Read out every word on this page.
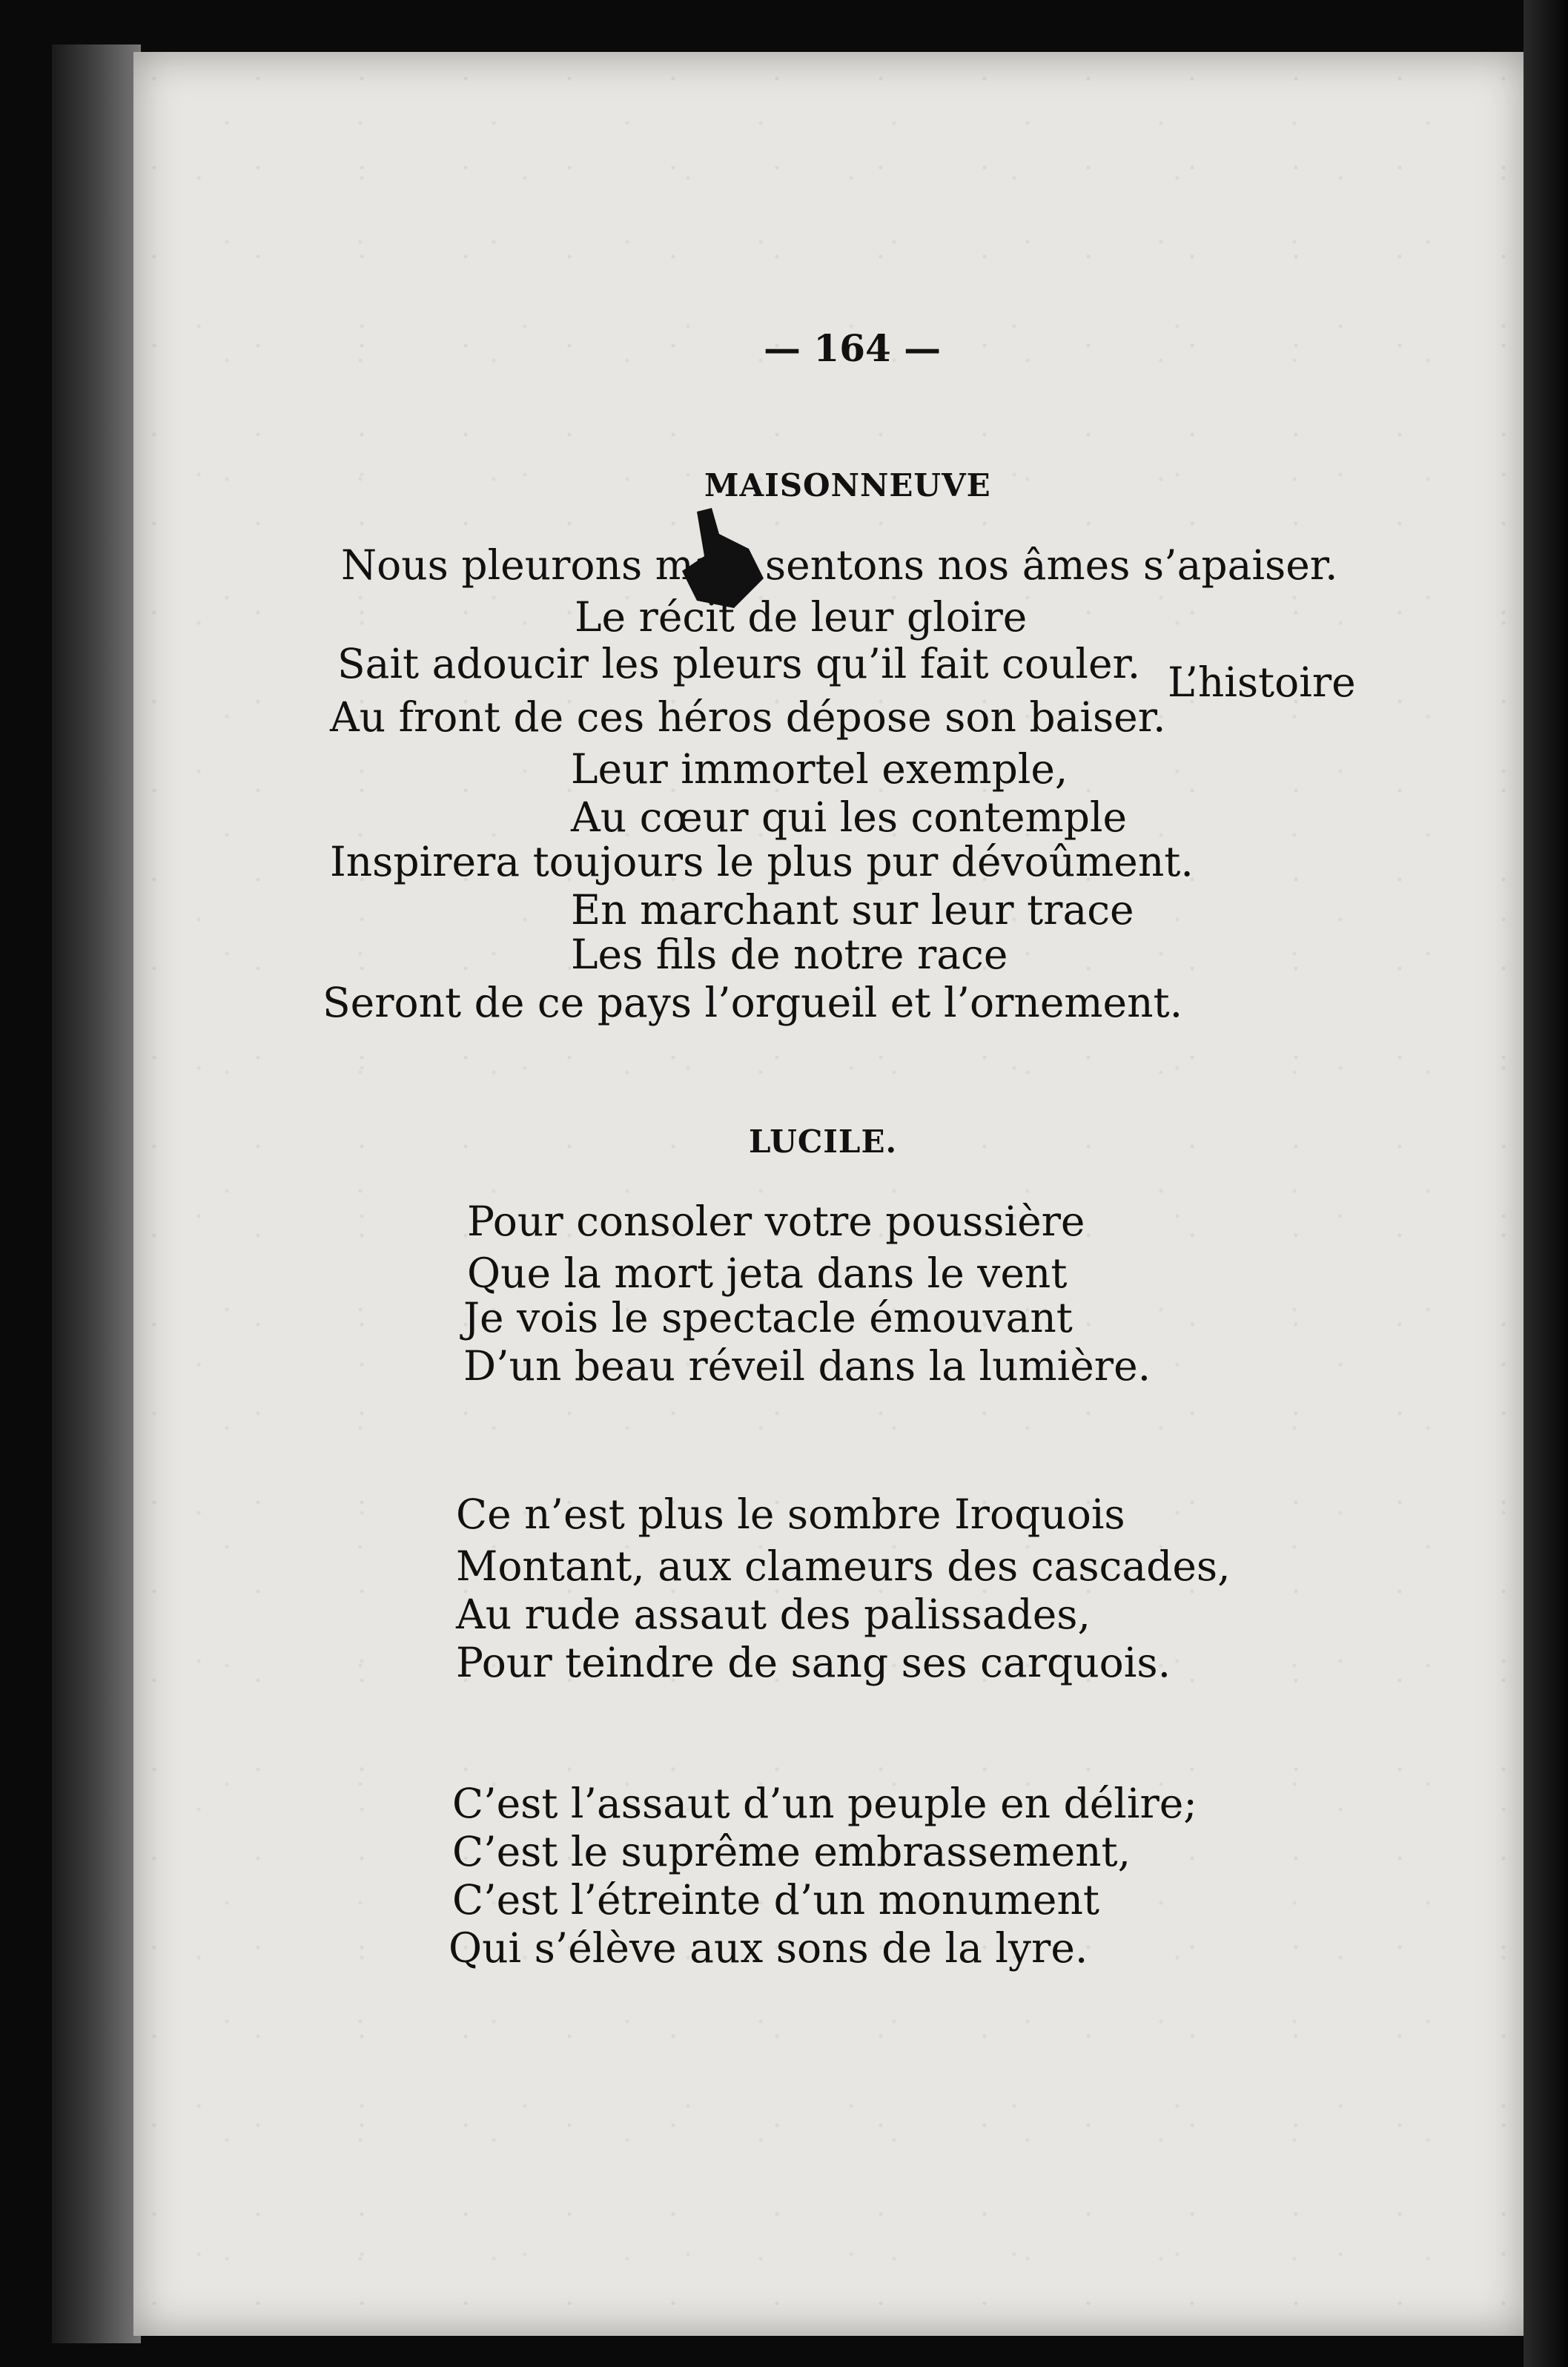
— 164 —
MAISONNEUVE
Nous pleurons mais sentons nos âmes s’apaiser.
Le récit de leur gloire
Sait adoucir les pleurs qu’il fait couler. L’histoire
Au front de ces héros dépose son baiser.
Leur immortel exemple,
Au cœur qui les contemple
Inspirera toujours le plus pur dévoûment.
En marchant sur leur trace
Les fils de notre race
Seront de ce pays l’orgueil et l’ornement.
LUCILE.
Pour consoler votre poussière
Que la mort jeta dans le vent
Je vois le spectacle émouvant
D’un beau réveil dans la lumière.
Ce n’est plus le sombre Iroquois
Montant, aux clameurs des cascades,
Au rude assaut des palissades,
Pour teindre de sang ses carquois.
C’est l’assaut d’un peuple en délire;
C’est le suprême embrassement,
C’est l’étreinte d’un monument
Qui s’élève aux sons de la lyre.
